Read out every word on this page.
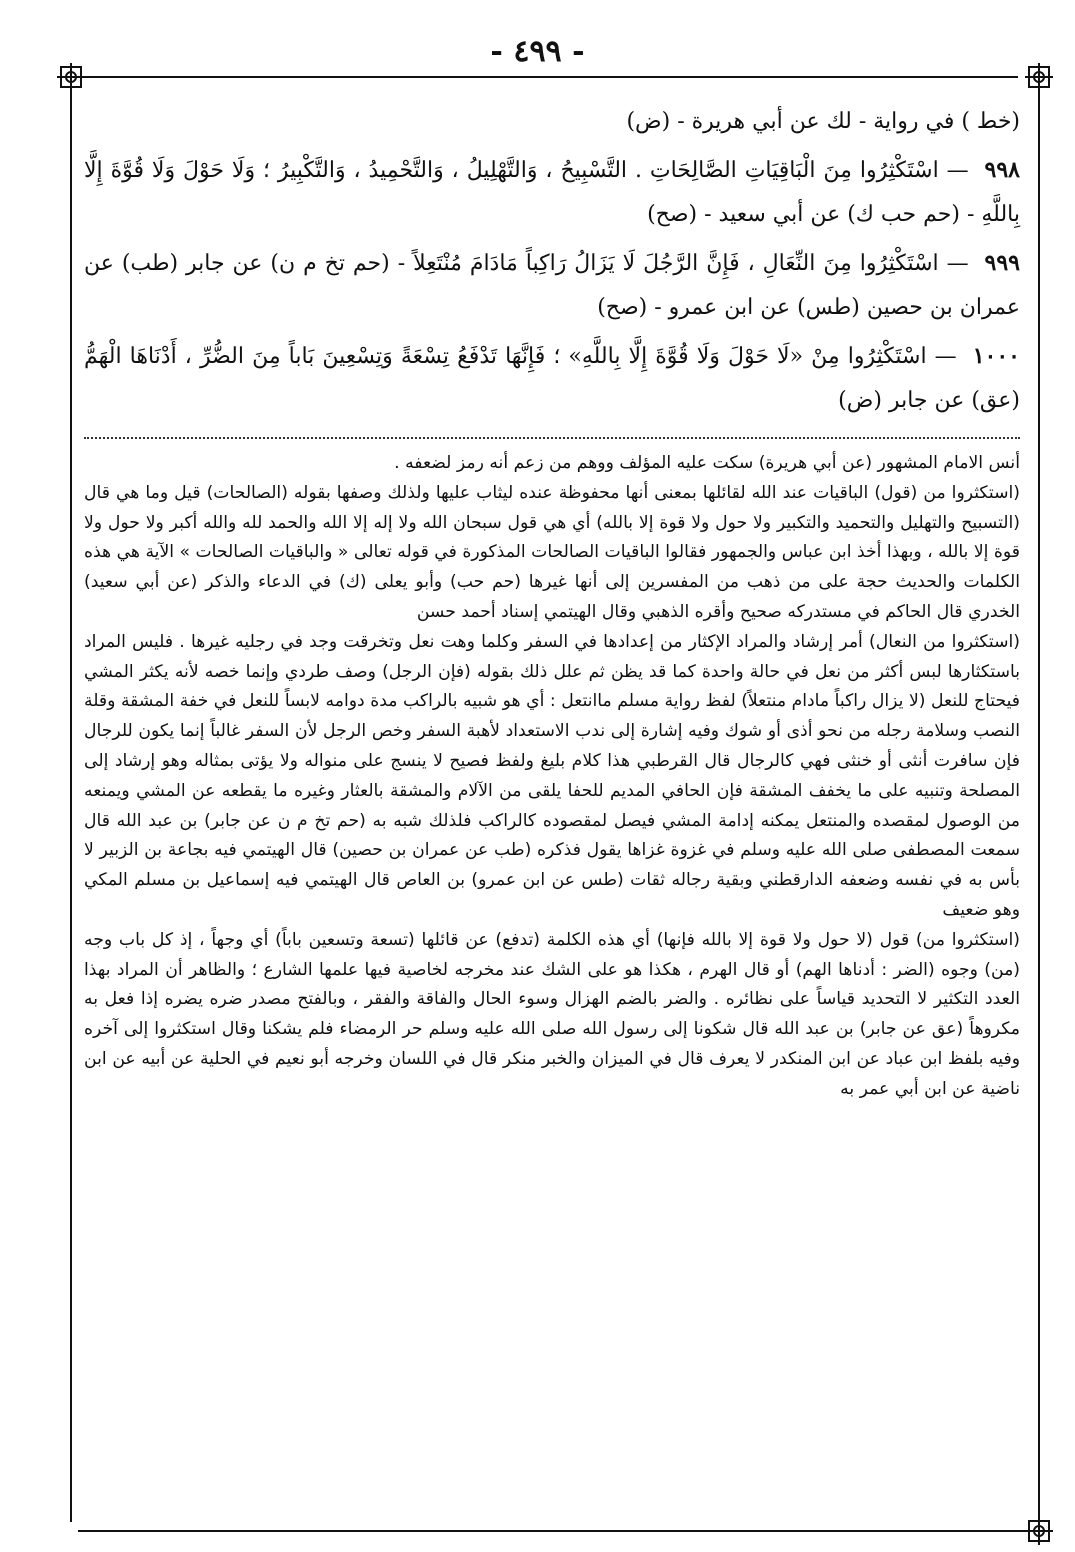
- ٤٩٩ -

(خط ) في رواية - لك عن أبي هريرة - (ض)

٩٩٨ — اسْتَكْثِرُوا مِنَ الْبَاقِيَاتِ الصَّالِحَاتِ . التَّسْبِيحُ ، وَالتَّهْلِيلُ ، وَالتَّحْمِيدُ ، وَالتَّكْبِيرُ ؛ وَلَا حَوْلَ وَلَا قُوَّةَ إِلَّا بِاللَّهِ - (حم حب ك) عن أبي سعيد - (صح)

٩٩٩ — اسْتَكْثِرُوا مِنَ النِّعَالِ ، فَإِنَّ الرَّجُلَ لَا يَزَالُ رَاكِباً مَادَامَ مُنْتَعِلاً - (حم تخ م ن) عن جابر (طب) عن عمران بن حصين (طس) عن ابن عمرو - (صح)

١٠٠٠ — اسْتَكْثِرُوا مِنْ «لَا حَوْلَ وَلَا قُوَّةَ إِلَّا بِاللَّهِ» ؛ فَإِنَّهَا تَدْفَعُ تِسْعَةً وَتِسْعِينَ بَاباً مِنَ الضُّرِّ ، أَدْنَاهَا الْهَمُّ (عق) عن جابر (ض)

أنس الامام المشهور (عن أبي هريرة) سكت عليه المؤلف ووهم من زعم أنه رمز لضعفه .

(استكثروا من (قول) الباقيات عند الله لقائلها بمعنى أنها محفوظة عنده ليثاب عليها ولذلك وصفها بقوله (الصالحات) قيل وما هي قال (التسبيح والتهليل والتحميد والتكبير ولا حول ولا قوة إلا بالله) أي هي قول سبحان الله ولا إله إلا الله والحمد لله والله أكبر ولا حول ولا قوة إلا بالله ، وبهذا أخذ ابن عباس والجمهور فقالوا الباقيات الصالحات المذكورة في قوله تعالى « والباقيات الصالحات » الآية هي هذه الكلمات والحديث حجة على من ذهب من المفسرين إلى أنها غيرها (حم حب) وأبو يعلى (ك) في الدعاء والذكر (عن أبي سعيد) الخدري قال الحاكم في مستدركه صحيح وأقره الذهبي وقال الهيتمي إسناد أحمد حسن

(استكثروا من النعال) أمر إرشاد والمراد الإكثار من إعدادها في السفر وكلما وهت نعل وتخرقت وجد في رجليه غيرها . فليس المراد باستكثارها لبس أكثر من نعل في حالة واحدة كما قد يظن ثم علل ذلك بقوله (فإن الرجل) وصف طردي وإنما خصه لأنه يكثر المشي فيحتاج للنعل (لا يزال راكباً مادام منتعلاً) لفظ رواية مسلم ماانتعل : أي هو شبيه بالراكب مدة دوامه لابساً للنعل في خفة المشقة وقلة النصب وسلامة رجله من نحو أذى أو شوك وفيه إشارة إلى ندب الاستعداد لأهبة السفر وخص الرجل لأن السفر غالباً إنما يكون للرجال فإن سافرت أنثى أو خنثى فهي كالرجال قال القرطبي هذا كلام بليغ ولفظ فصيح لا ينسج على منواله ولا يؤتى بمثاله وهو إرشاد إلى المصلحة وتنبيه على ما يخفف المشقة فإن الحافي المديم للحفا يلقى من الآلام والمشقة بالعثار وغيره ما يقطعه عن المشي ويمنعه من الوصول لمقصده والمنتعل يمكنه إدامة المشي فيصل لمقصوده كالراكب فلذلك شبه به (حم تخ م ن عن جابر) بن عبد الله قال سمعت المصطفى صلى الله عليه وسلم في غزوة غزاها يقول فذكره (طب عن عمران بن حصين) قال الهيتمي فيه بجاعة بن الزبير لا بأس به في نفسه وضعفه الدارقطني وبقية رجاله ثقات (طس عن ابن عمرو) بن العاص قال الهيتمي فيه إسماعيل بن مسلم المكي وهو ضعيف

(استكثروا من) قول (لا حول ولا قوة إلا بالله فإنها) أي هذه الكلمة (تدفع) عن قائلها (تسعة وتسعين باباً) أي وجهاً ، إذ كل باب وجه (من) وجوه (الضر : أدناها الهم) أو قال الهرم ، هكذا هو على الشك عند مخرجه لخاصية فيها علمها الشارع ؛ والظاهر أن المراد بهذا العدد التكثير لا التحديد قياساً على نظائره . والضر بالضم الهزال وسوء الحال والفاقة والفقر ، وبالفتح مصدر ضره يضره إذا فعل به مكروهاً (عق عن جابر) بن عبد الله قال شكونا إلى رسول الله صلى الله عليه وسلم حر الرمضاء فلم يشكنا وقال استكثروا إلى آخره وفيه بلفظ ابن عباد عن ابن المنكدر لا يعرف قال في الميزان والخبر منكر قال في اللسان وخرجه أبو نعيم في الحلية عن أبيه عن ابن ناضية عن ابن أبي عمر به
